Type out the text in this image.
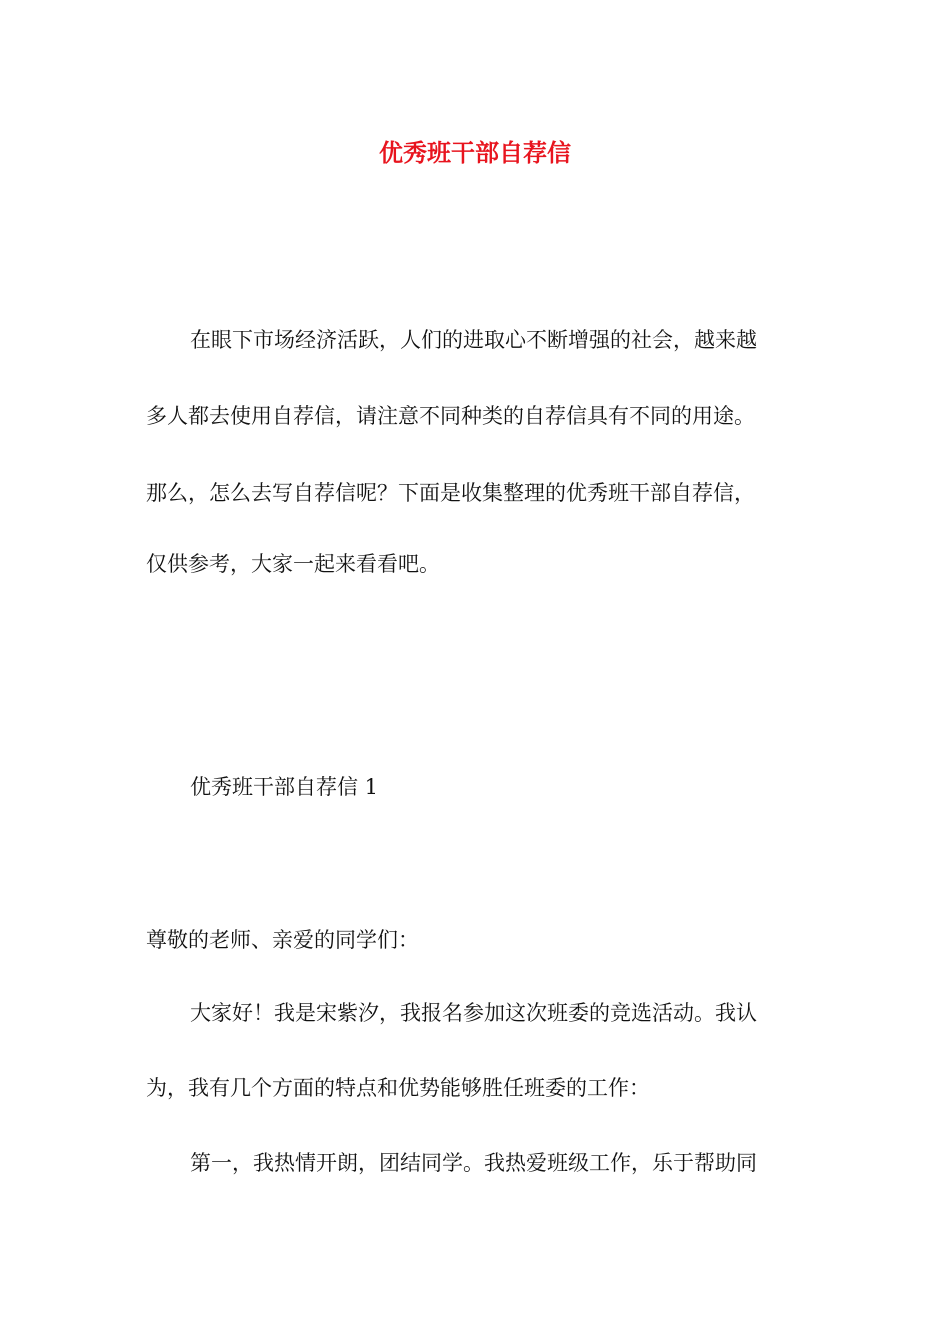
优秀班干部自荐信
在眼下市场经济活跃，人们的进取心不断增强的社会，越来越
多人都去使用自荐信，请注意不同种类的自荐信具有不同的用途。
那么，怎么去写自荐信呢？下面是收集整理的优秀班干部自荐信，
仅供参考，大家一起来看看吧。
优秀班干部自荐信 1
尊敬的老师、亲爱的同学们：
大家好！我是宋紫汐，我报名参加这次班委的竞选活动。我认
为，我有几个方面的特点和优势能够胜任班委的工作：
第一，我热情开朗，团结同学。我热爱班级工作，乐于帮助同
